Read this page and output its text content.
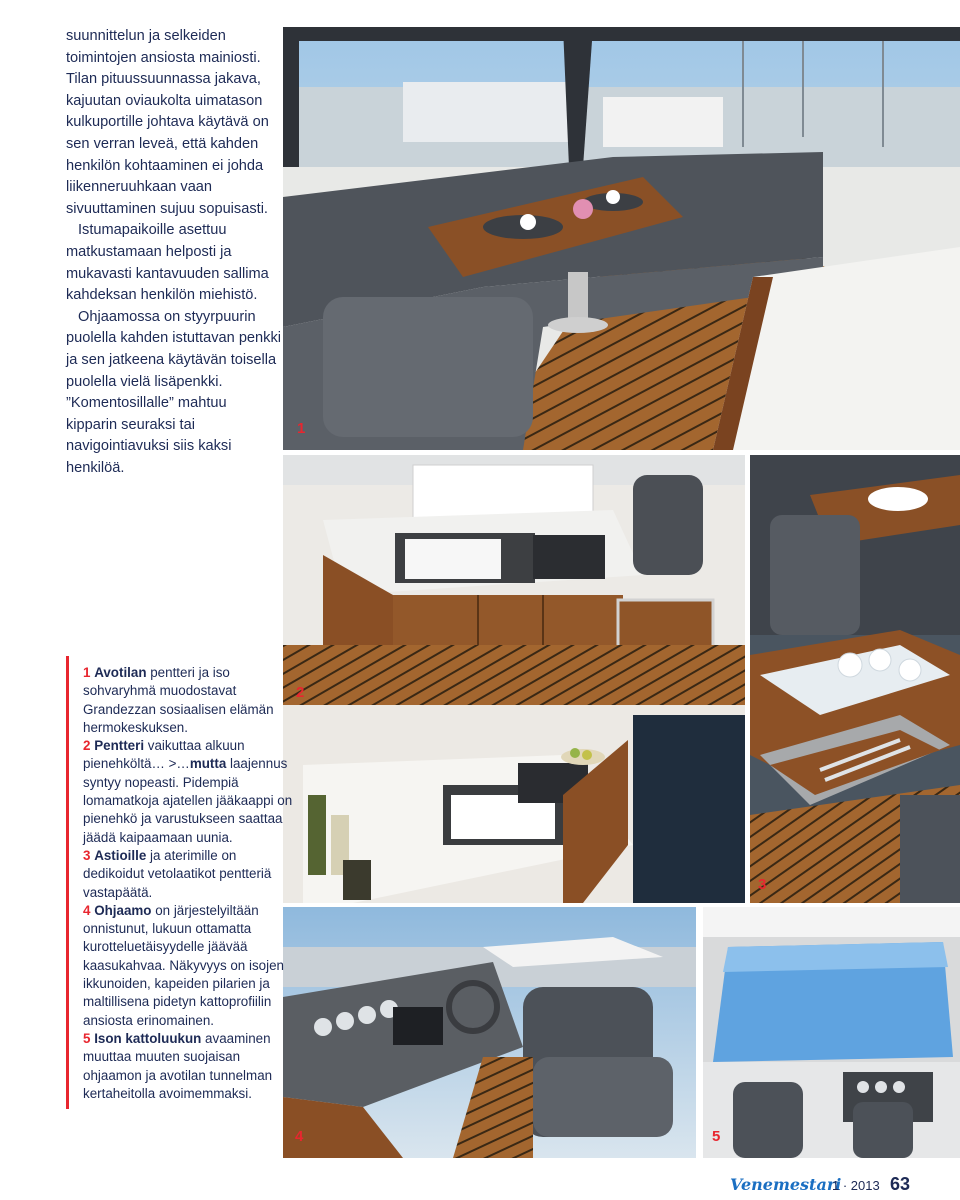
suunnittelun ja selkeiden toimintojen ansiosta mainiosti. Tilan pituussuunnassa jakava, kajuutan oviaukolta uimatason kulkuportille johtava käytävä on sen verran leveä, että kahden henkilön kohtaaminen ei johda liikenneruuhkaan vaan sivuuttaminen sujuu sopuisasti.

Istumapaikoille asettuu matkustamaan helposti ja mukavasti kantavuuden sallima kahdeksan henkilön miehistö.

Ohjaamossa on styyrpuurin puolella kahden istuttavan penkki ja sen jatkeena käytävän toisella puolella vielä lisäpenkki. ”Komentosillalle” mahtuu kipparin seuraksi tai navigointiavuksi siis kaksi henkilöä.

1
3
2
4	5

1 Avotilan pentteri ja iso sohvaryhmä muodostavat Grandezzan sosiaalisen elämän hermokeskuksen.

2 Pentteri vaikuttaa alkuun pienehköltä… >…mutta laajennus syntyy nopeasti. Pidempiä lomamatkoja ajatellen jääkaappi on pienehkö ja varustukseen saattaa jäädä kaipaamaan uunia.

3 Astioille ja aterimille on dedikoidut vetolaatikot pentteriä vastapäätä.

4 Ohjaamo on järjestelyiltään onnistunut, lukuun ottamatta kurotteluetäisyydelle jäävää kaasukahvaa. Näkyvyys on isojen ikkunoiden, kapeiden pilarien ja maltillisena pidetyn kattoprofiilin ansiosta erinomainen.

5 Ison kattoluukun avaaminen muuttaa muuten suojaisan ohjaamon ja avotilan tunnelman kertaheitolla avoimemmaksi.

Venemestari
1 · 2013 63
